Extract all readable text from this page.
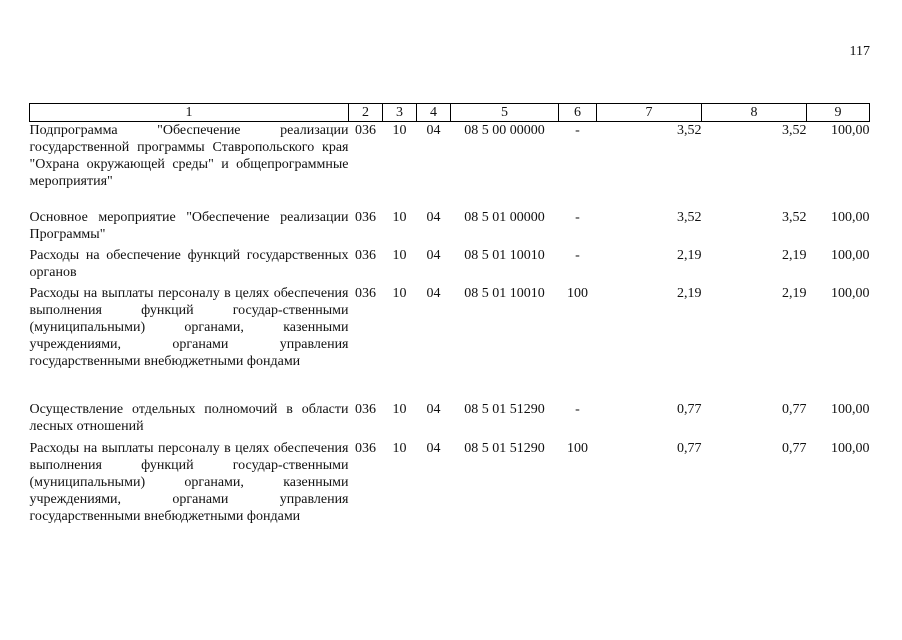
117
1	2	3	4	5	6	7	8	9
Подпрограмма "Обеспечение реализации государственной программы Ставропольского края "Охрана окружающей среды" и общепрограммные мероприятия"	036	10	04	08 5 00 00000	-	3,52	3,52	100,00
Основное мероприятие "Обеспечение реализации Программы"	036	10	04	08 5 01 00000	-	3,52	3,52	100,00
Расходы на обеспечение функций государственных органов	036	10	04	08 5 01 10010	-	2,19	2,19	100,00
Расходы на выплаты персоналу в целях обеспечения выполнения функций государ-ственными (муниципальными) органами, казенными учреждениями, органами управления государственными внебюджетными фондами	036	10	04	08 5 01 10010	100	2,19	2,19	100,00
Осуществление отдельных полномочий в области лесных отношений	036	10	04	08 5 01 51290	-	0,77	0,77	100,00
Расходы на выплаты персоналу в целях обеспечения выполнения функций государ-ственными (муниципальными) органами, казенными учреждениями, органами управления государственными внебюджетными фондами	036	10	04	08 5 01 51290	100	0,77	0,77	100,00
